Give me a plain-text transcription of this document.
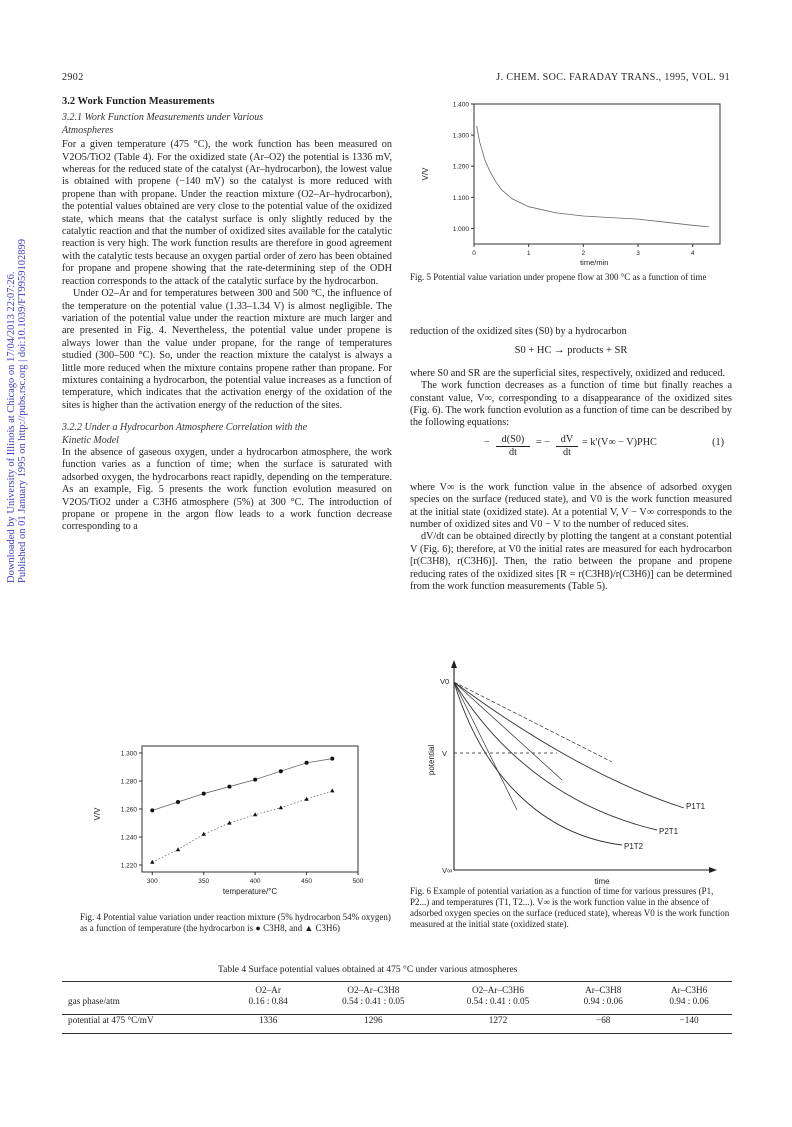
Downloaded by University of Illinois at Chicago on 17/04/2013 22:07:26. Published on 01 January 1995 on http://pubs.rsc.org | doi:10.1039/FT9959102899
2902	J. CHEM. SOC. FARADAY TRANS., 1995, VOL. 91
3.2 Work Function Measurements
3.2.1 Work Function Measurements under Various
Atmospheres

For a given temperature (475 °C), the work function has been measured on V2O5/TiO2 (Table 4). For the oxidized state (Ar–O2) the potential is 1336 mV, whereas for the reduced state of the catalyst (Ar–hydrocarbon), the lowest value is obtained with propene (−140 mV) so the catalyst is more reduced with propene than with propane. Under the reaction mixture (O2–Ar–hydrocarbon), the potential values obtained are very close to the potential value of the oxidized state, which means that the catalyst surface is only slightly reduced by the catalytic reaction and that the number of oxidized sites available for the catalytic reaction is very high. The work function results are therefore in good agreement with the catalytic tests because an oxygen partial order of zero has been obtained for propane and propene showing that the rate-determining step of the ODH reaction corresponds to the attack of the catalytic surface by the hydrocarbon.

Under O2–Ar and for temperatures between 300 and 500 °C, the influence of the temperature on the potential value (1.33–1.34 V) is almost negligible. The variation of the potential value under the reaction mixture are much larger and are presented in Fig. 4. Nevertheless, the potential value under propene is always lower than the value under propane, for the range of temperatures studied (300–500 °C). So, under the reaction mixture the catalyst is always a little more reduced when the mixture contains propene rather than propane. For mixtures containing a hydrocarbon, the potential value increases as a function of temperature, which indicates that the activation energy of the oxidation of the sites is higher than the activation energy of the reduction of the sites.

3.2.2 Under a Hydrocarbon Atmosphere Correlation with the
Kinetic Model

In the absence of gaseous oxygen, under a hydrocarbon atmosphere, the work function varies as a function of time; when the surface is saturated with adsorbed oxygen, the hydrocarbons react rapidly, depending on the temperature. As an example, Fig. 5 presents the work function evolution measured on V2O5/TiO2 under a C3H6 atmosphere (5%) at 300 °C. The introduction of propane or propene in the argon flow leads to a work function decrease corresponding to a

0	1	2	3	4
1.000
1.100
1.200
1.300
1.400
time/min
V/V
Fig. 5 Potential value variation under propene flow at 300 °C as a function of time

reduction of the oxidized sites (S0) by a hydrocarbon

S0 + HC → products + SR

where S0 and SR are the superficial sites, respectively, oxidized and reduced.

The work function decreases as a function of time but finally reaches a constant value, V∞, corresponding to a disappearance of the oxidized sites (Fig. 6). The work function evolution as a function of time can be described by the following equations:

− $\frac{d(S0)}{dt}$ = − $\frac{dV}{dt} = k'(V\infty - V)PHC$	(1)

where V∞ is the work function value in the absence of adsorbed oxygen species on the surface (reduced state), and V0 is the work function measured at the initial state (oxidized state). At a potential V, V − V∞ corresponds to the number of oxidized sites and V0 − V to the number of reduced sites.

dV/dt can be obtained directly by plotting the tangent at a constant potential V (Fig. 6); therefore, at V0 the initial rates are measured for each hydrocarbon [r(C3H8), r(C3H6)]. Then, the ratio between the propane and propene reducing rates of the oxidized sites [R = r(C3H8)/r(C3H6)] can be determined from the work function measurements (Table 5).

V0
V
V∞
potential
time
P1T1
P2T1
P1T2
Fig. 6 Example of potential variation as a function of time for various pressures (P1, P2...) and temperatures (T1, T2...). V∞ is the work function value in the absence of adsorbed oxygen species on the surface (reduced state), whereas V0 is the work function measured at the initial state (oxidized state).
300	350	400	450	500
1.220
1.240
1.260
1.280
1.300
temperature/°C
V/V
Fig. 4 Potential value variation under reaction mixture (5% hydrocarbon 54% oxygen) as a function of temperature (the hydrocarbon is ● C3H8, and ▲ C3H6)
Table 4 Surface potential values obtained at 475 °C under various atmospheres
	O2–Ar	O2–Ar–C3H8	O2–Ar–C3H6	Ar–C3H8	Ar–C3H6
gas phase/atm	0.16 : 0.84	0.54 : 0.41 : 0.05	0.54 : 0.41 : 0.05	0.94 : 0.06	0.94 : 0.06
potential at 475 °C/mV	1336	1296	1272	−68	−140
